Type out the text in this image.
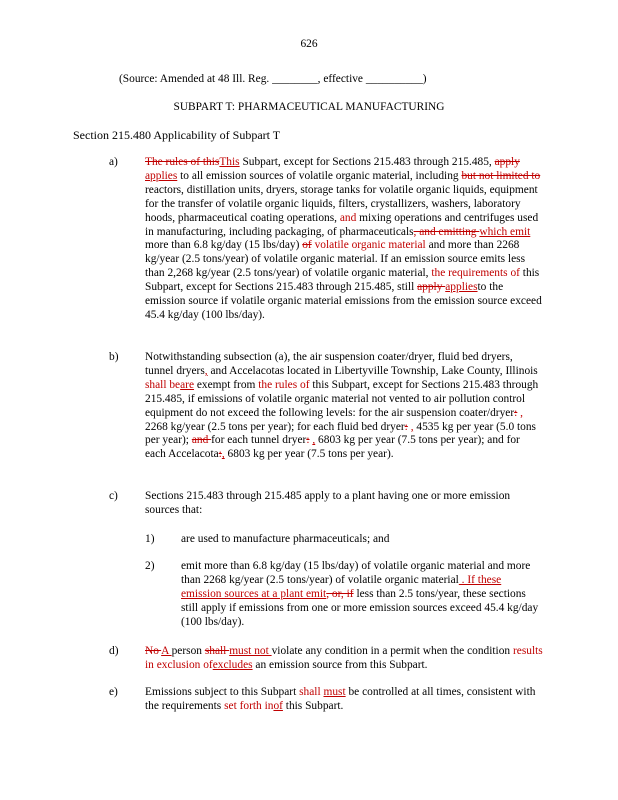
626
(Source: Amended at 48 Ill. Reg. ________, effective __________)
SUBPART T: PHARMACEUTICAL MANUFACTURING
Section 215.480 Applicability of Subpart T
a) The rules of thisThis Subpart, except for Sections 215.483 through 215.485, apply applies to all emission sources of volatile organic material, including but not limited to reactors, distillation units, dryers, storage tanks for volatile organic liquids, equipment for the transfer of volatile organic liquids, filters, crystallizers, washers, laboratory hoods, pharmaceutical coating operations, and mixing operations and centrifuges used in manufacturing, including packaging, of pharmaceuticals, and emitting which emit more than 6.8 kg/day (15 lbs/day) of volatile organic material and more than 2268 kg/year (2.5 tons/year) of volatile organic material. If an emission source emits less than 2,268 kg/year (2.5 tons/year) of volatile organic material, the requirements of this Subpart, except for Sections 215.483 through 215.485, still apply appliesto the emission source if volatile organic material emissions from the emission source exceed 45.4 kg/day (100 lbs/day).
b) Notwithstanding subsection (a), the air suspension coater/dryer, fluid bed dryers, tunnel dryers, and Accelacotas located in Libertyville Township, Lake County, Illinois shall beare exempt from the rules of this Subpart, except for Sections 215.483 through 215.485, if emissions of volatile organic material not vented to air pollution control equipment do not exceed the following levels: for the air suspension coater/dryer: , 2268 kg/year (2.5 tons per year); for each fluid bed dryer: , 4535 kg per year (5.0 tons per year); and for each tunnel dryer: , 6803 kg per year (7.5 tons per year); and for each Accelacota:, 6803 kg per year (7.5 tons per year).
c) Sections 215.483 through 215.485 apply to a plant having one or more emission sources that:
1) are used to manufacture pharmaceuticals; and
2) emit more than 6.8 kg/day (15 lbs/day) of volatile organic material and more than 2268 kg/year (2.5 tons/year) of volatile organic material . If these emission sources at a plant emit, or, if less than 2.5 tons/year, these sections still apply if emissions from one or more emission sources exceed 45.4 kg/day (100 lbs/day).
d) No A person shall must not violate any condition in a permit when the condition results in exclusion ofexcludes an emission source from this Subpart.
e) Emissions subject to this Subpart shall must be controlled at all times, consistent with the requirements set forth inof this Subpart.
